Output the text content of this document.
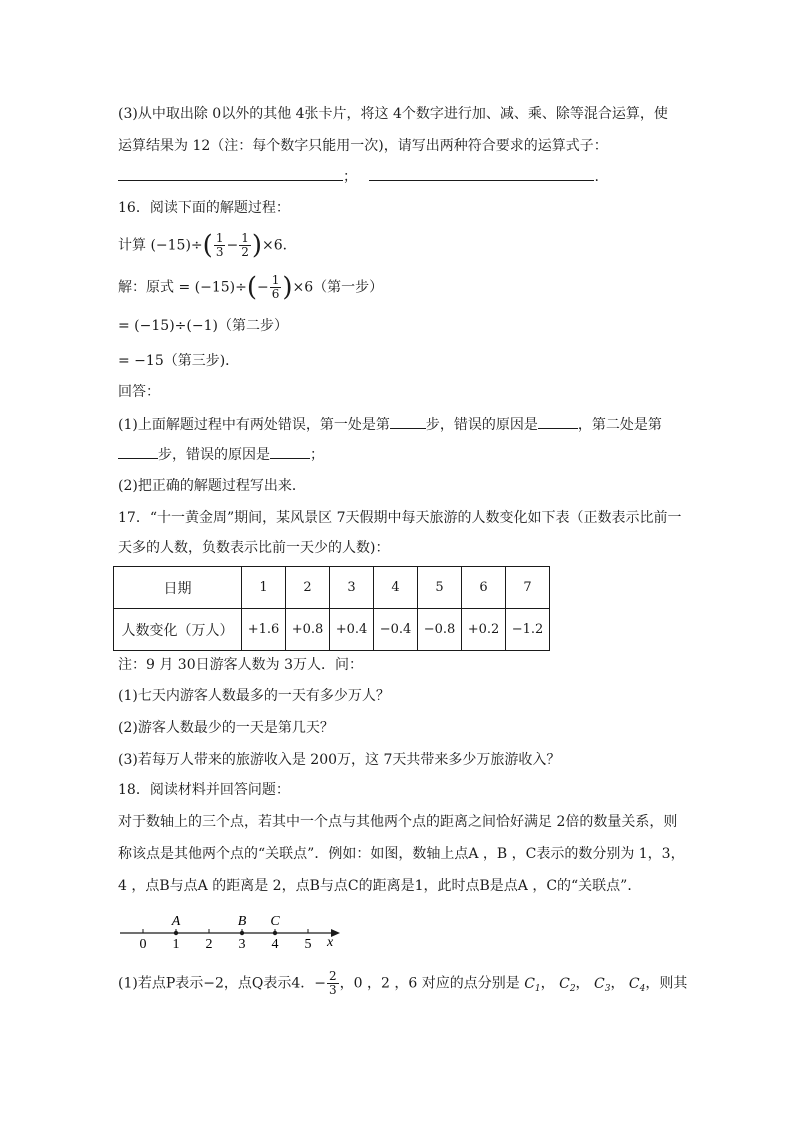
(3)从中取出除 0以外的其他 4张卡片，将这 4个数字进行加、减、乘、除等混合运算，使
运算结果为 12（注：每个数字只能用一次)，请写出两种符合要求的运算式子：
；	.
16．阅读下面的解题过程：
计算 $(-15)\div( \frac{1}{3} - \frac{1}{2} )\times 6$．
解：原式 = $(-15)\div(- \frac{1}{6} )\times 6$（第一步）
= (−15)÷(−1)（第二步）
= −15（第三步)．
回答：
(1)上面解题过程中有两处错误，第一处是第	步，错误的原因是	，第二处是第
步，错误的原因是	；
(2)把正确的解题过程写出来．
17．“十一黄金周”期间，某风景区 7天假期中每天旅游的人数变化如下表（正数表示比前一
天多的人数，负数表示比前一天少的人数)：
日期	1	2	3	4	5	6	7
人数变化（万人）	+1.6	+0.8	+0.4	−0.4	−0.8	+0.2	−1.2
注：9 月 30日游客人数为 3万人．问：
(1)七天内游客人数最多的一天有多少万人？
(2)游客人数最少的一天是第几天？
(3)若每万人带来的旅游收入是 200万，这 7天共带来多少万旅游收入？
18．阅读材料并回答问题：
对于数轴上的三个点，若其中一个点与其他两个点的距离之间恰好满足 2倍的数量关系，则
称该点是其他两个点的“关联点”．例如：如图，数轴上点A ，B ，C表示的数分别为 1，3，
4 ，点B与点A 的距离是 2，点B与点C的距离是1，此时点B是点A ，C的“关联点”．
0 1 2 3 4 5
A	B C
x
(1)若点P表示−2，点Q表示4．− $\frac{2}{3}$ ，0 ，2 ，6 对应的点分别是 $C_1$， $C_2$， $C_3$， $C_4$，则其
